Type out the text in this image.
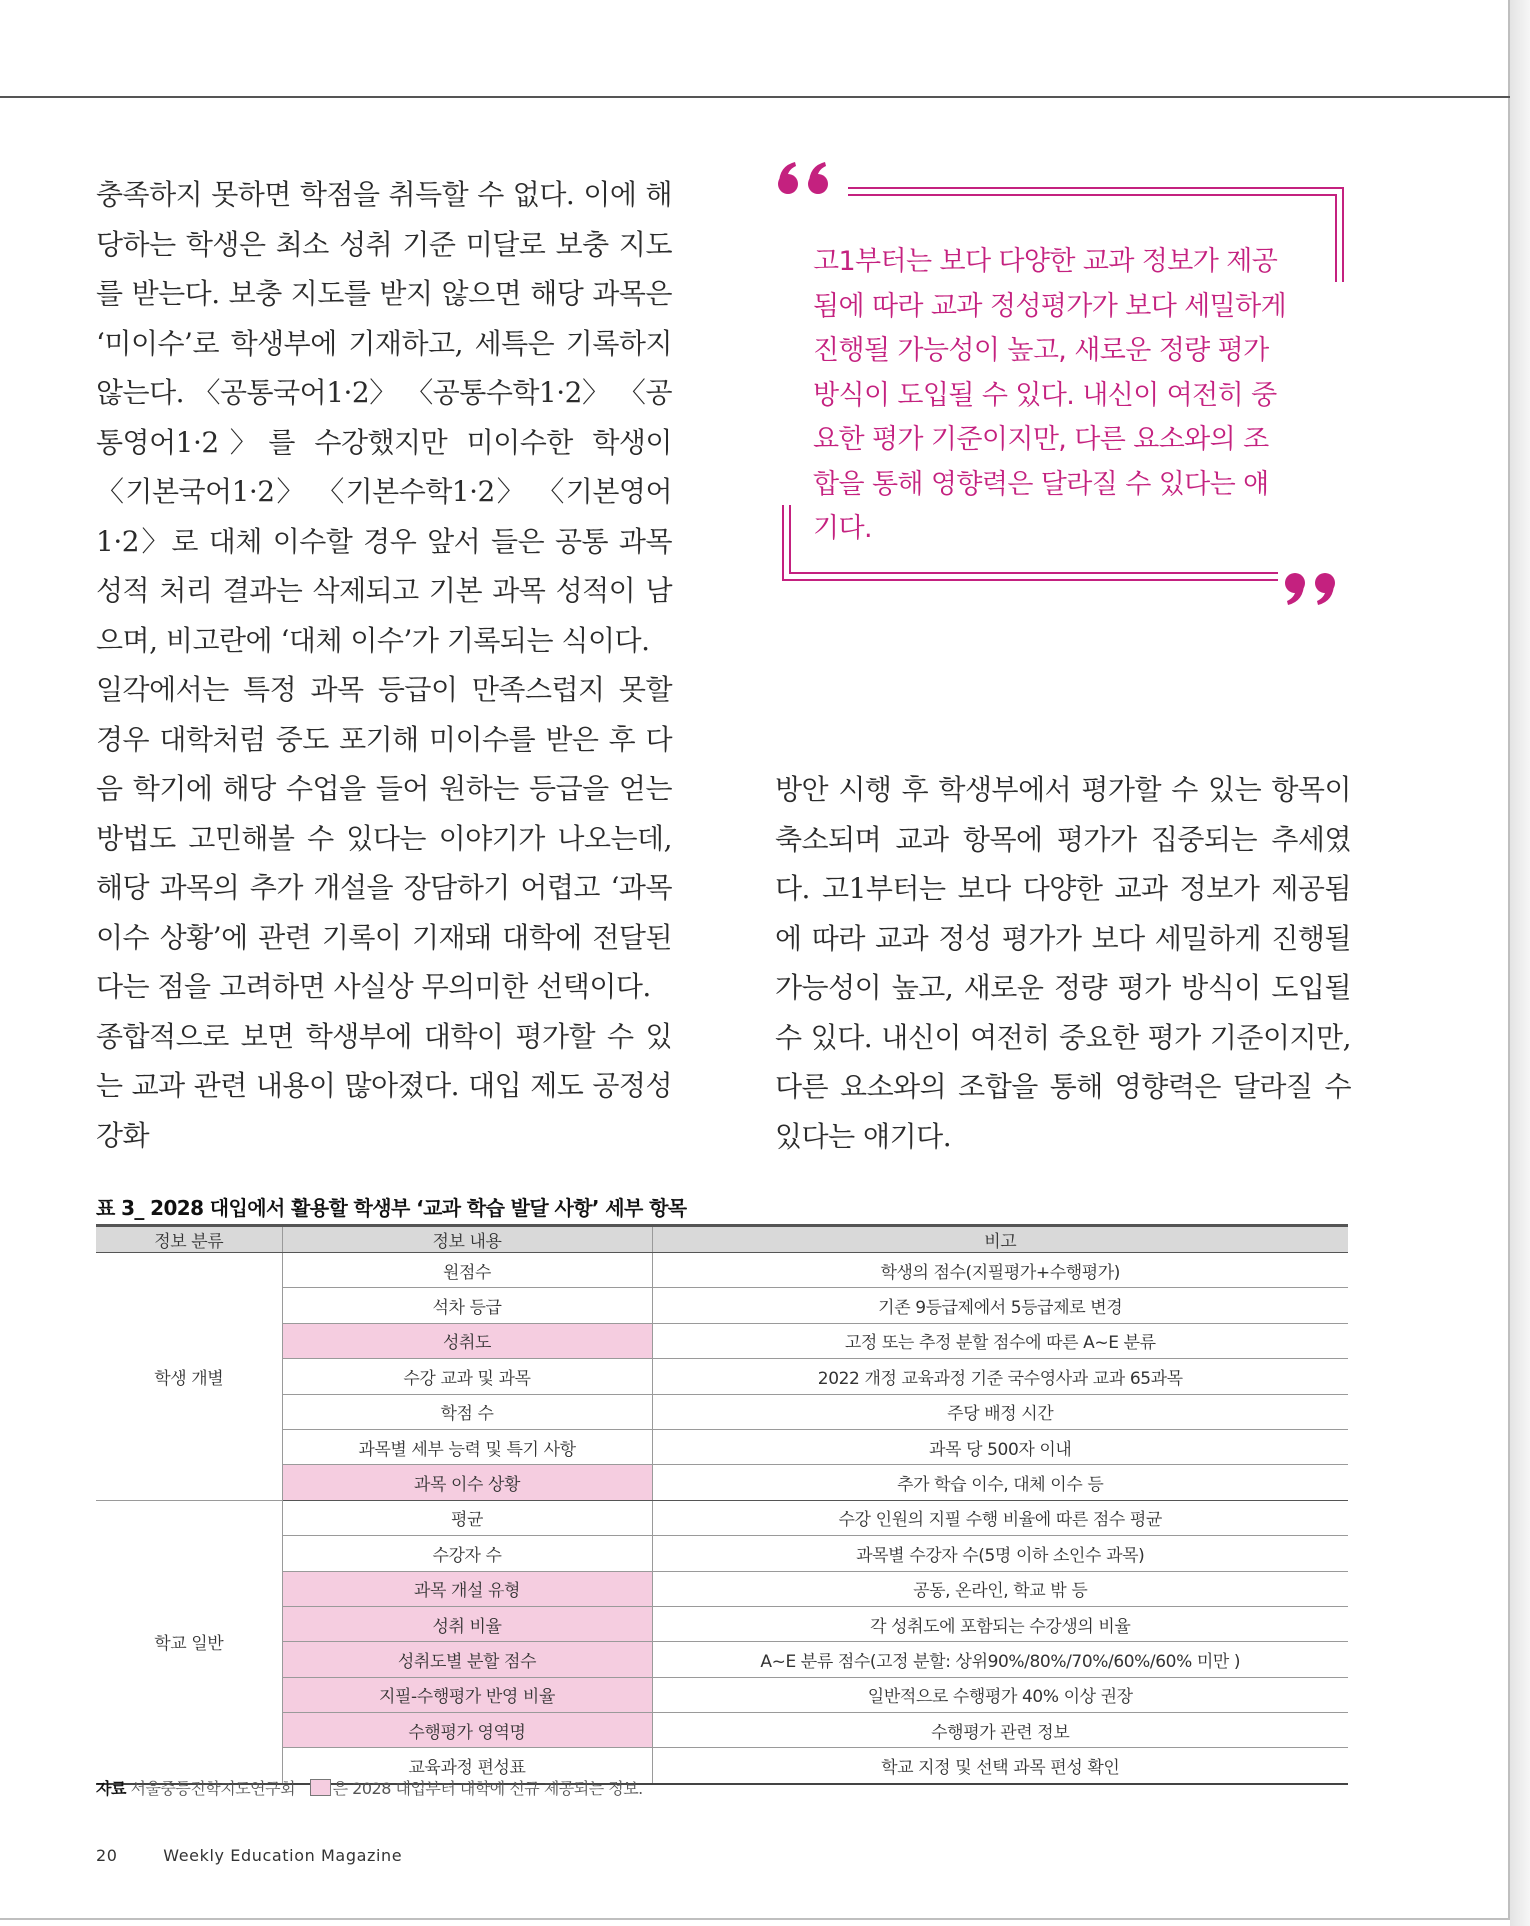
충족하지 못하면 학점을 취득할 수 없다. 이에 해당하는 학생은 최소 성취 기준 미달로 보충 지도를 받는다. 보충 지도를 받지 않으면 해당 과목은 ‘미이수’로 학생부에 기재하고, 세특은 기록하지 않는다. 〈공통국어1·2〉 〈공통수학1·2〉 〈공통영어1·2〉를 수강했지만 미이수한 학생이 〈기본국어1·2〉 〈기본수학1·2〉 〈기본영어1·2〉로 대체 이수할 경우 앞서 들은 공통 과목 성적 처리 결과는 삭제되고 기본 과목 성적이 남으며, 비고란에 ‘대체 이수’가 기록되는 식이다.

일각에서는 특정 과목 등급이 만족스럽지 못할 경우 대학처럼 중도 포기해 미이수를 받은 후 다음 학기에 해당 수업을 들어 원하는 등급을 얻는 방법도 고민해볼 수 있다는 이야기가 나오는데, 해당 과목의 추가 개설을 장담하기 어렵고 ‘과목 이수 상황’에 관련 기록이 기재돼 대학에 전달된다는 점을 고려하면 사실상 무의미한 선택이다.

종합적으로 보면 학생부에 대학이 평가할 수 있는 교과 관련 내용이 많아졌다. 대입 제도 공정성 강화

고1부터는 보다 다양한 교과 정보가 제공됨에 따라 교과 정성평가가 보다 세밀하게 진행될 가능성이 높고, 새로운 정량 평가 방식이 도입될 수 있다. 내신이 여전히 중요한 평가 기준이지만, 다른 요소와의 조합을 통해 영향력은 달라질 수 있다는 얘기다.

방안 시행 후 학생부에서 평가할 수 있는 항목이 축소되며 교과 항목에 평가가 집중되는 추세였다. 고1부터는 보다 다양한 교과 정보가 제공됨에 따라 교과 정성 평가가 보다 세밀하게 진행될 가능성이 높고, 새로운 정량 평가 방식이 도입될 수 있다. 내신이 여전히 중요한 평가 기준이지만, 다른 요소와의 조합을 통해 영향력은 달라질 수 있다는 얘기다.

표 3_ 2028 대입에서 활용할 학생부 ‘교과 학습 발달 사항’ 세부 항목
정보 분류	정보 내용	비고
학생 개별	원점수	학생의 점수(지필평가+수행평가)
	석차 등급	기존 9등급제에서 5등급제로 변경
	성취도	고정 또는 추정 분할 점수에 따른 A~E 분류
	수강 교과 및 과목	2022 개정 교육과정 기준 국수영사과 교과 65과목
	학점 수	주당 배정 시간
	과목별 세부 능력 및 특기 사항	과목 당 500자 이내
	과목 이수 상황	추가 학습 이수, 대체 이수 등
학교 일반	평균	수강 인원의 지필 수행 비율에 따른 점수 평균
	수강자 수	과목별 수강자 수(5명 이하 소인수 과목)
	과목 개설 유형	공동, 온라인, 학교 밖 등
	성취 비율	각 성취도에 포함되는 수강생의 비율
	성취도별 분할 점수	A~E 분류 점수(고정 분할: 상위90%/80%/70%/60%/60% 미만 )
	지필-수행평가 반영 비율	일반적으로 수행평가 40% 이상 권장
	수행평가 영역명	수행평가 관련 정보
	교육과정 편성표	학교 지정 및 선택 과목 편성 확인
자료 서울중등진학지도연구회 은 2028 대입부터 대학에 신규 제공되는 정보.
20	Weekly Education Magazine
